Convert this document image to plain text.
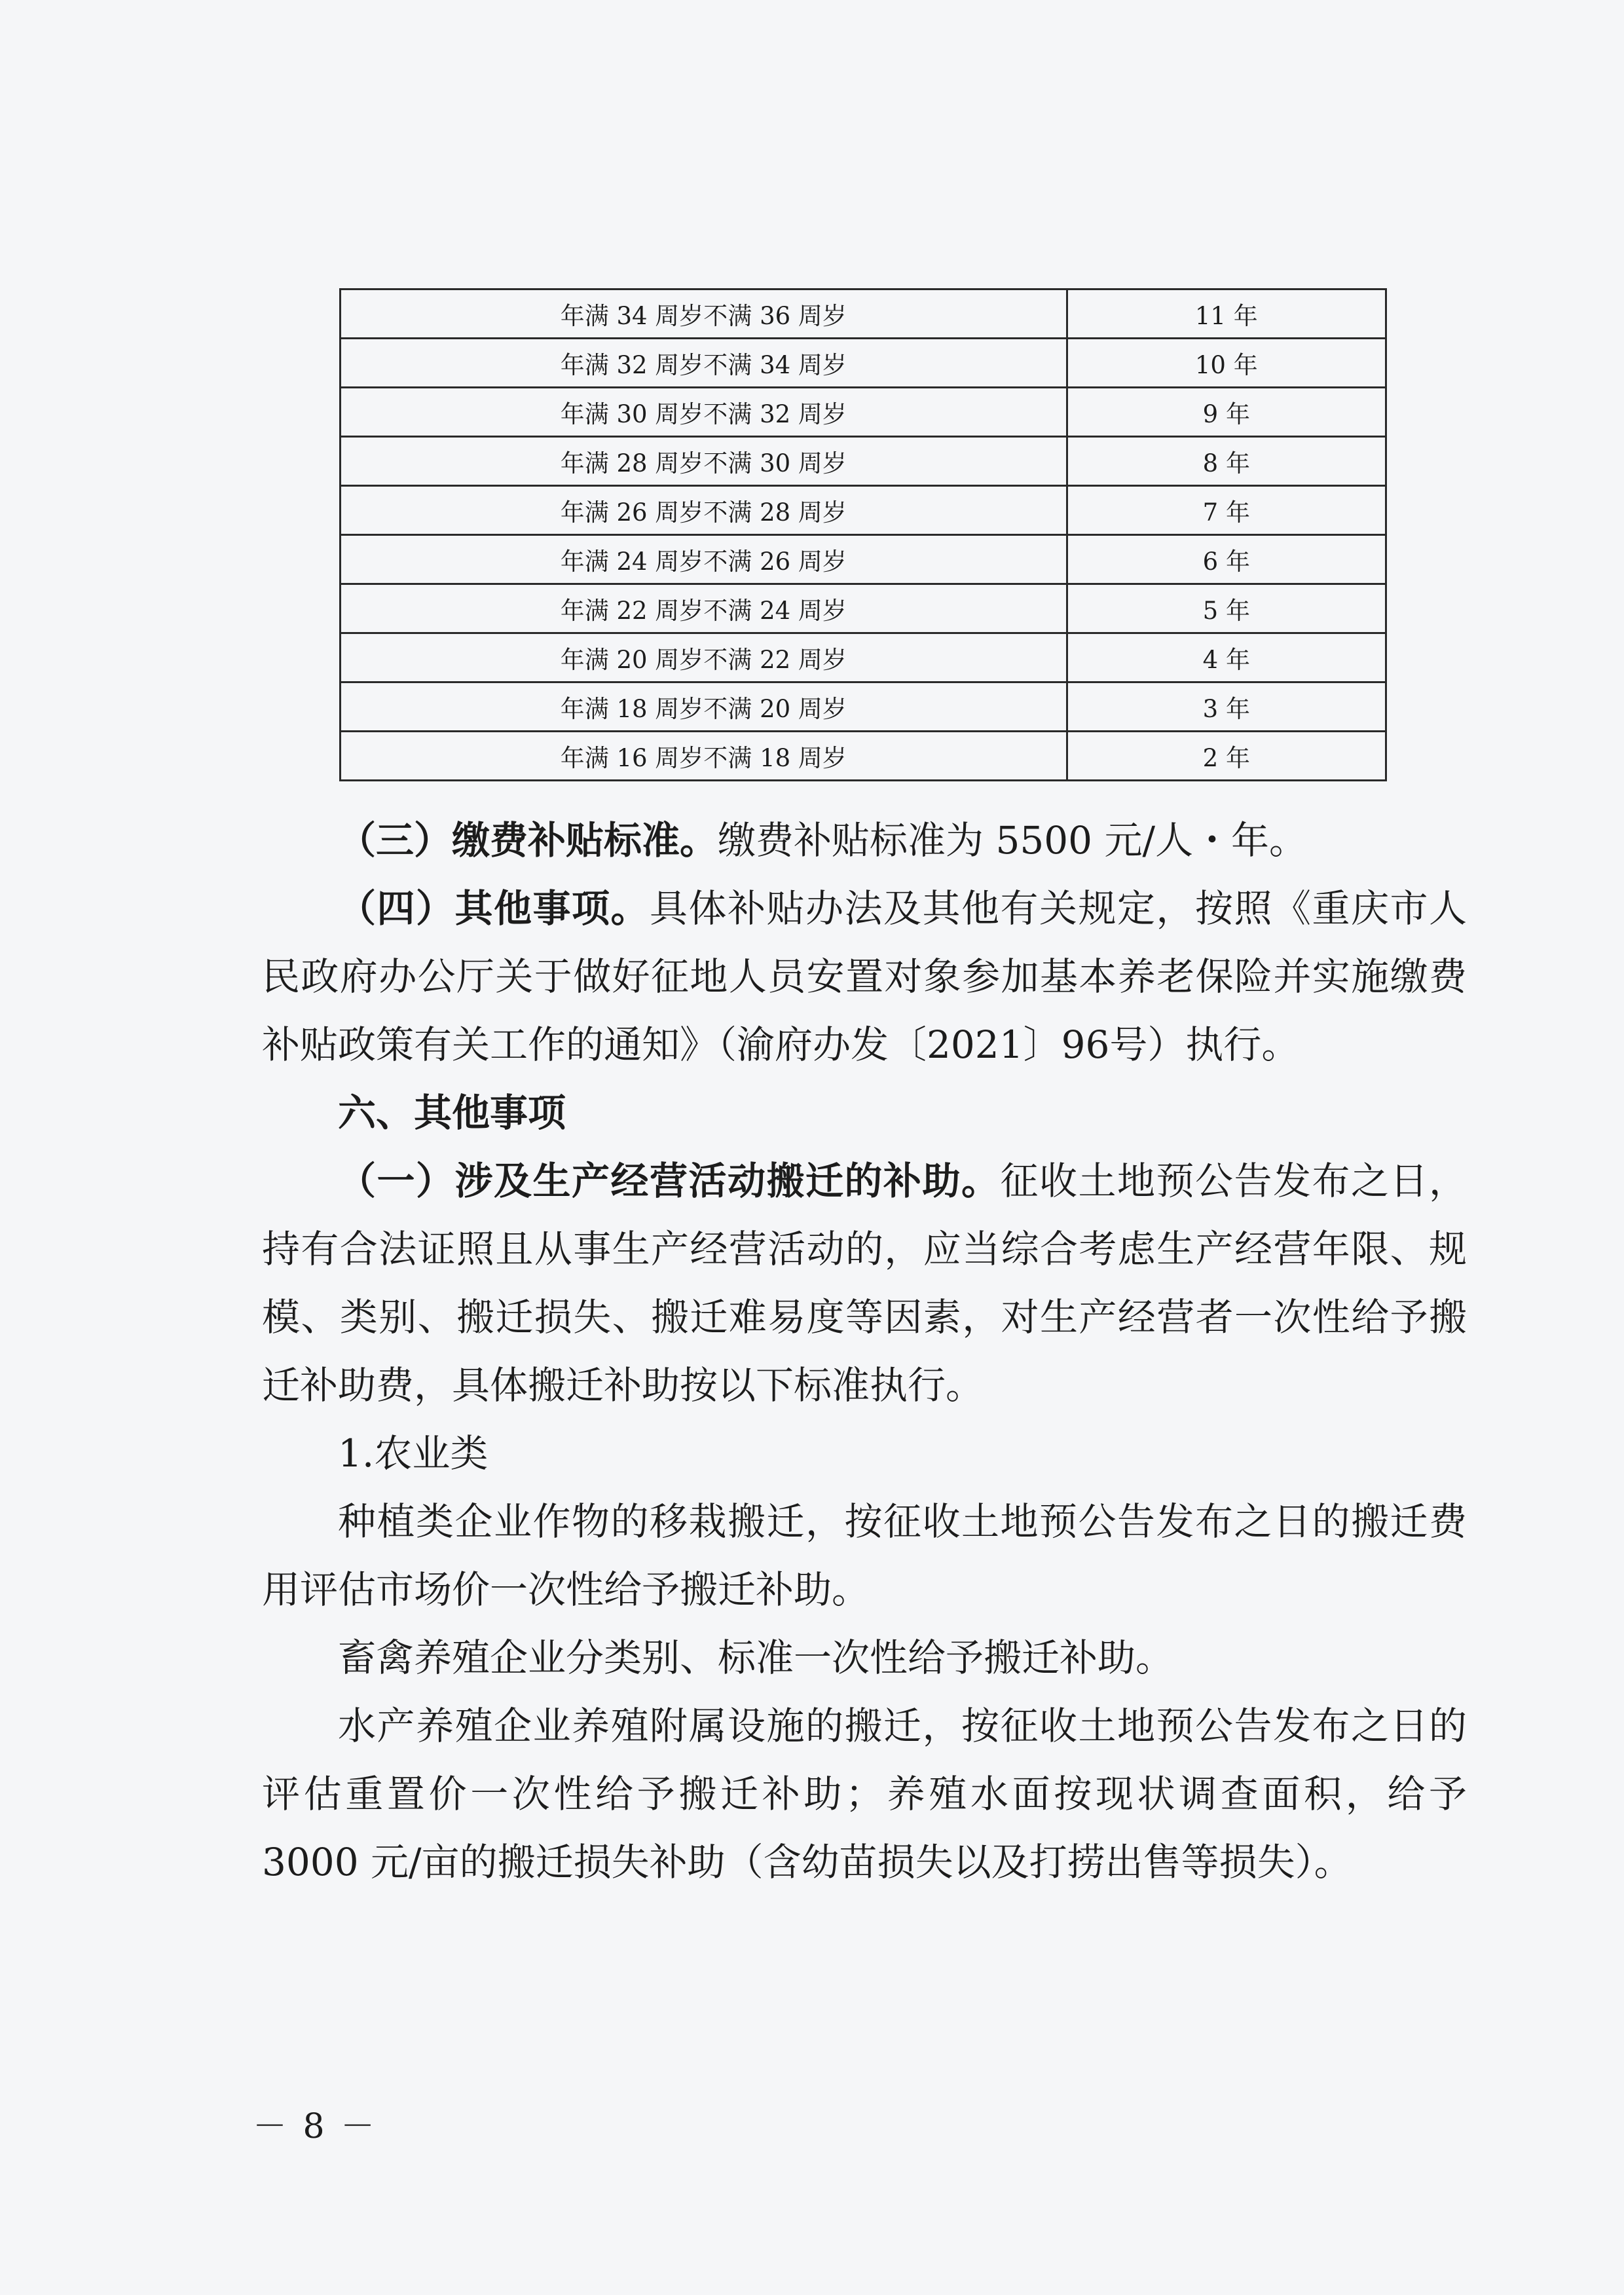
年满 34 周岁不满 36 周岁	11 年
年满 32 周岁不满 34 周岁	10 年
年满 30 周岁不满 32 周岁	9 年
年满 28 周岁不满 30 周岁	8 年
年满 26 周岁不满 28 周岁	7 年
年满 24 周岁不满 26 周岁	6 年
年满 22 周岁不满 24 周岁	5 年
年满 20 周岁不满 22 周岁	4 年
年满 18 周岁不满 20 周岁	3 年
年满 16 周岁不满 18 周岁	2 年

（三）缴费补贴标准。缴费补贴标准为 5500 元/人・年。

（四）其他事项。具体补贴办法及其他有关规定，按照《重庆市人民政府办公厅关于做好征地人员安置对象参加基本养老保险并实施缴费补贴政策有关工作的通知》（渝府办发〔2021〕96号）执行。

六、其他事项

（一）涉及生产经营活动搬迁的补助。征收土地预公告发布之日，持有合法证照且从事生产经营活动的，应当综合考虑生产经营年限、规模、类别、搬迁损失、搬迁难易度等因素，对生产经营者一次性给予搬迁补助费，具体搬迁补助按以下标准执行。

1.农业类

种植类企业作物的移栽搬迁，按征收土地预公告发布之日的搬迁费用评估市场价一次性给予搬迁补助。

畜禽养殖企业分类别、标准一次性给予搬迁补助。

水产养殖企业养殖附属设施的搬迁，按征收土地预公告发布之日的评估重置价一次性给予搬迁补助；养殖水面按现状调查面积，给予 3000 元/亩的搬迁损失补助（含幼苗损失以及打捞出售等损失）。

－ 8 －
